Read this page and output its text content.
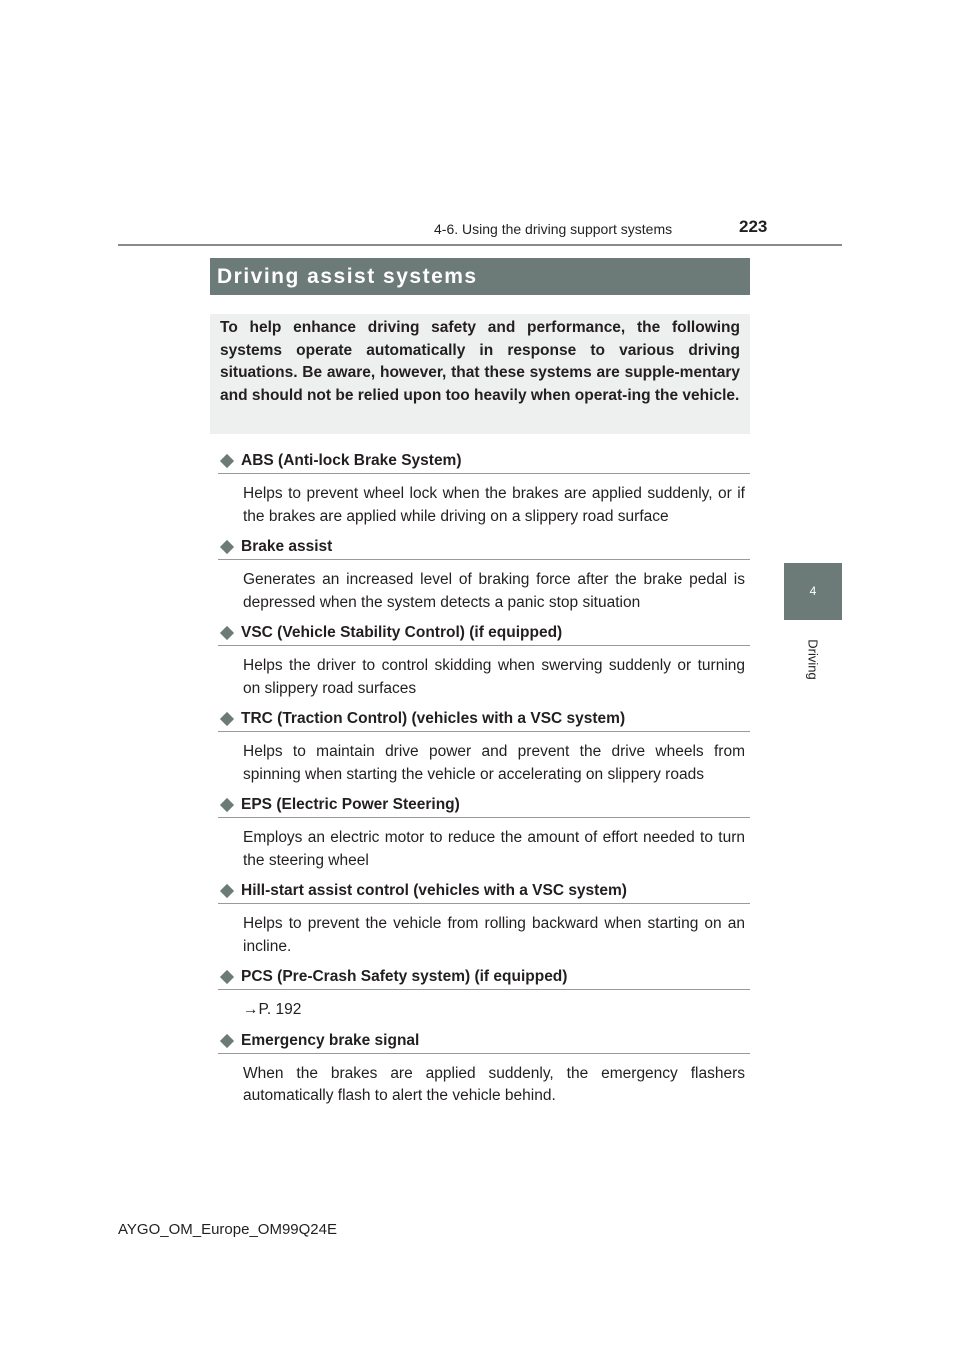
4-6. Using the driving support systems	223
Driving assist systems

To help enhance driving safety and performance, the following systems operate automatically in response to various driving situations. Be aware, however, that these systems are supple-mentary and should not be relied upon too heavily when operat-ing the vehicle.

4
Driving
ABS (Anti-lock Brake System)
Helps to prevent wheel lock when the brakes are applied suddenly, or if the brakes are applied while driving on a slippery road surface
Brake assist
Generates an increased level of braking force after the brake pedal is depressed when the system detects a panic stop situation
VSC (Vehicle Stability Control) (if equipped)
Helps the driver to control skidding when swerving suddenly or turning on slippery road surfaces
TRC (Traction Control) (vehicles with a VSC system)
Helps to maintain drive power and prevent the drive wheels from spinning when starting the vehicle or accelerating on slippery roads
EPS (Electric Power Steering)
Employs an electric motor to reduce the amount of effort needed to turn the steering wheel
Hill-start assist control (vehicles with a VSC system)
Helps to prevent the vehicle from rolling backward when starting on an incline.
PCS (Pre-Crash Safety system) (if equipped)
→P. 192
Emergency brake signal
When the brakes are applied suddenly, the emergency flashers automatically flash to alert the vehicle behind.
AYGO_OM_Europe_OM99Q24E
